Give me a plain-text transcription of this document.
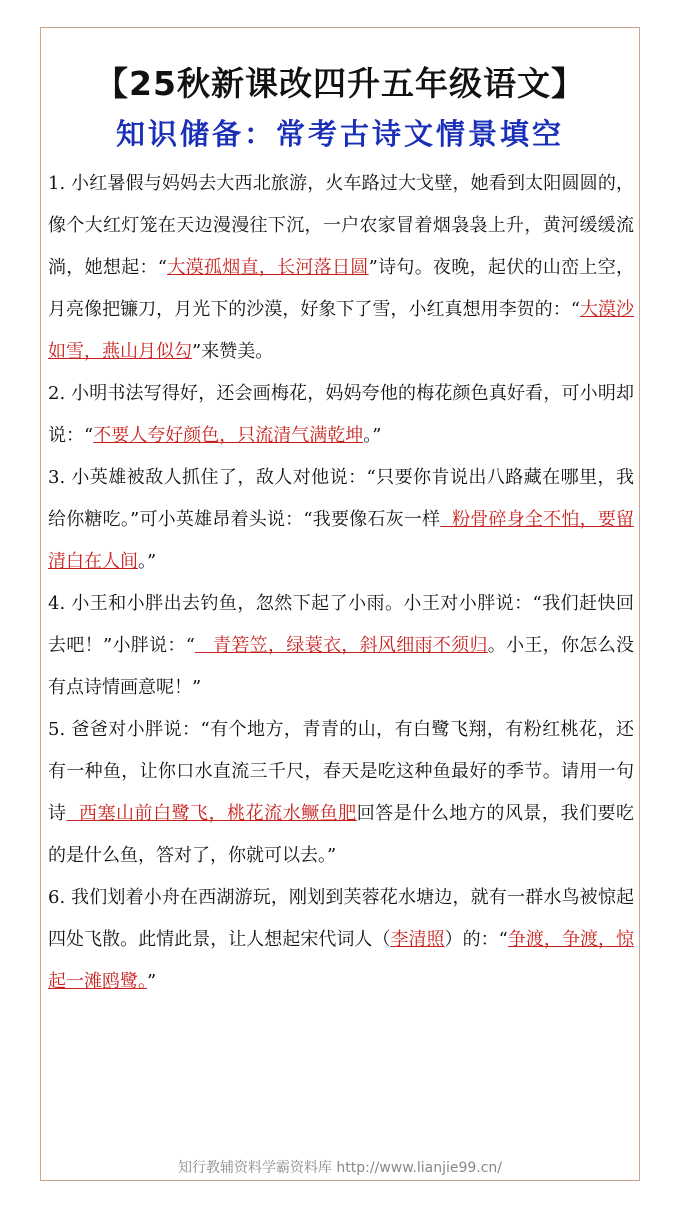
【25秋新课改四升五年级语文】
知识储备：常考古诗文情景填空

1. 小红暑假与妈妈去大西北旅游，火车路过大戈壁，她看到太阳圆圆的，像个大红灯笼在天边漫漫往下沉，一户农家冒着烟袅袅上升，黄河缓缓流淌，她想起：“大漠孤烟直，长河落日圆”诗句。夜晚，起伏的山峦上空，月亮像把镰刀，月光下的沙漠，好象下了雪，小红真想用李贺的：“大漠沙如雪，燕山月似勾”来赞美。

2. 小明书法写得好，还会画梅花，妈妈夸他的梅花颜色真好看，可小明却说：“不要人夸好颜色，只流清气满乾坤。”

3. 小英雄被敌人抓住了，敌人对他说：“只要你肯说出八路藏在哪里，我给你糖吃。”可小英雄昂着头说：“我要像石灰一样  粉骨碎身全不怕，要留清白在人间。”

4. 小王和小胖出去钓鱼，忽然下起了小雨。小王对小胖说：“我们赶快回去吧！”小胖说：“   青箬笠，绿蓑衣，斜风细雨不须归。小王，你怎么没有点诗情画意呢！”

5. 爸爸对小胖说：“有个地方，青青的山，有白鹭飞翔，有粉红桃花，还有一种鱼，让你口水直流三千尺，春天是吃这种鱼最好的季节。请用一句诗  西塞山前白鹭飞，桃花流水鳜鱼肥回答是什么地方的风景，我们要吃的是什么鱼，答对了，你就可以去。”

6. 我们划着小舟在西湖游玩，刚划到芙蓉花水塘边，就有一群水鸟被惊起四处飞散。此情此景，让人想起宋代词人（李清照）的：“争渡，争渡，惊起一滩鸥鹭。”

知行教辅资料学霸资料库 http://www.lianjie99.cn/
